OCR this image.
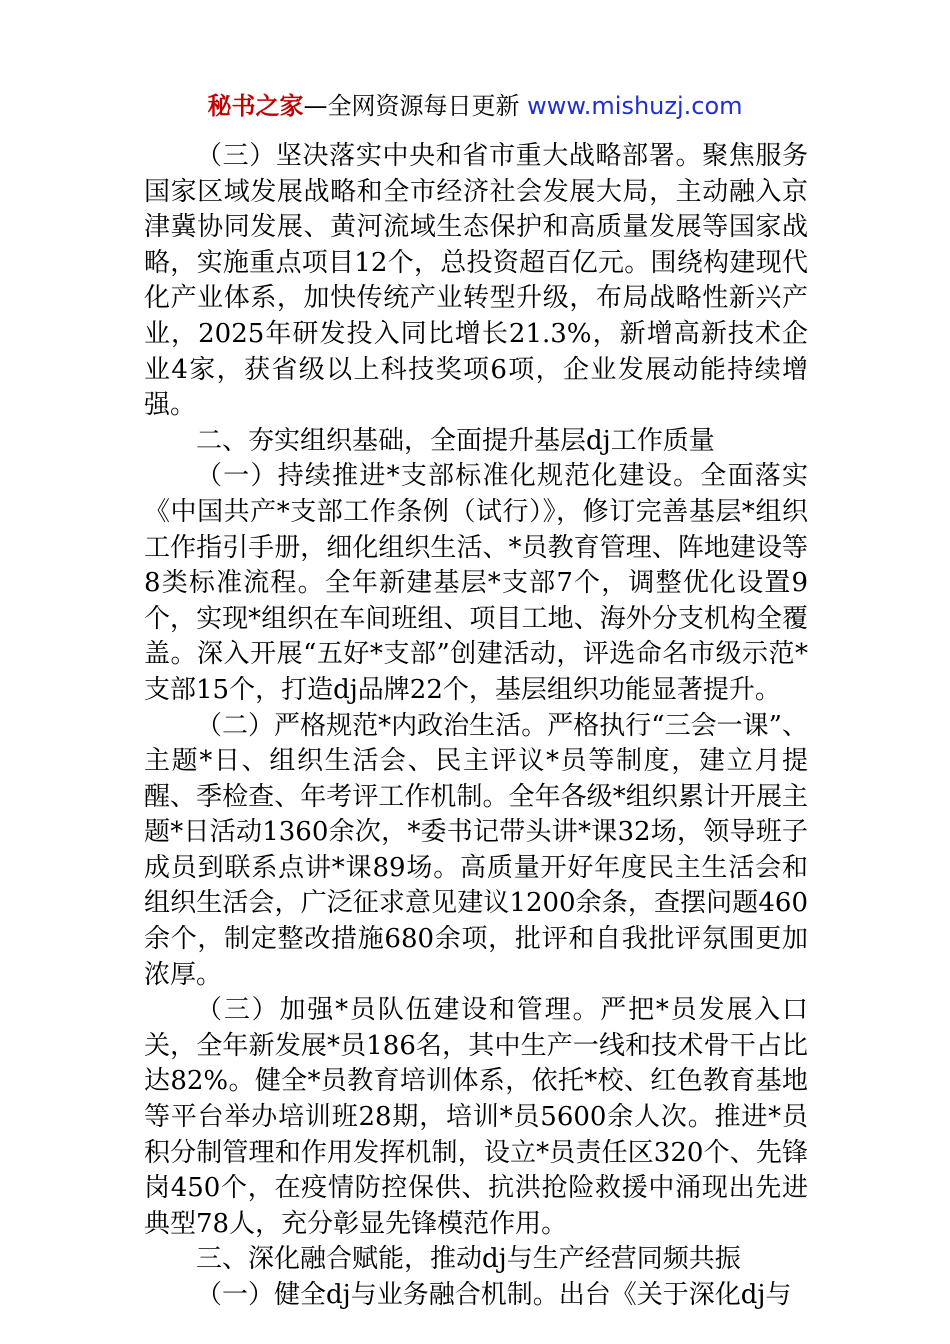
秘书之家—全网资源每日更新 www.mishuzj.com

（三）坚决落实中央和省市重大战略部署。聚焦服务国家区域发展战略和全市经济社会发展大局，主动融入京津冀协同发展、黄河流域生态保护和高质量发展等国家战略，实施重点项目12个，总投资超百亿元。围绕构建现代化产业体系，加快传统产业转型升级，布局战略性新兴产业，2025年研发投入同比增长21.3%，新增高新技术企业4家，获省级以上科技奖项6项，企业发展动能持续增强。

二、夯实组织基础，全面提升基层dj工作质量

（一）持续推进*支部标准化规范化建设。全面落实《中国共产*支部工作条例（试行）》，修订完善基层*组织工作指引手册，细化组织生活、*员教育管理、阵地建设等8类标准流程。全年新建基层*支部7个，调整优化设置9个，实现*组织在车间班组、项目工地、海外分支机构全覆盖。深入开展“五好*支部”创建活动，评选命名市级示范*支部15个，打造dj品牌22个，基层组织功能显著提升。

（二）严格规范*内政治生活。严格执行“三会一课”、主题*日、组织生活会、民主评议*员等制度，建立月提醒、季检查、年考评工作机制。全年各级*组织累计开展主题*日活动1360余次，*委书记带头讲*课32场，领导班子成员到联系点讲*课89场。高质量开好年度民主生活会和组织生活会，广泛征求意见建议1200余条，查摆问题460余个，制定整改措施680余项，批评和自我批评氛围更加浓厚。

（三）加强*员队伍建设和管理。严把*员发展入口关，全年新发展*员186名，其中生产一线和技术骨干占比达82%。健全*员教育培训体系，依托*校、红色教育基地等平台举办培训班28期，培训*员5600余人次。推进*员积分制管理和作用发挥机制，设立*员责任区320个、先锋岗450个，在疫情防控保供、抗洪抢险救援中涌现出先进典型78人，充分彰显先锋模范作用。

三、深化融合赋能，推动dj与生产经营同频共振

（一）健全dj与业务融合机制。出台《关于深化dj与
